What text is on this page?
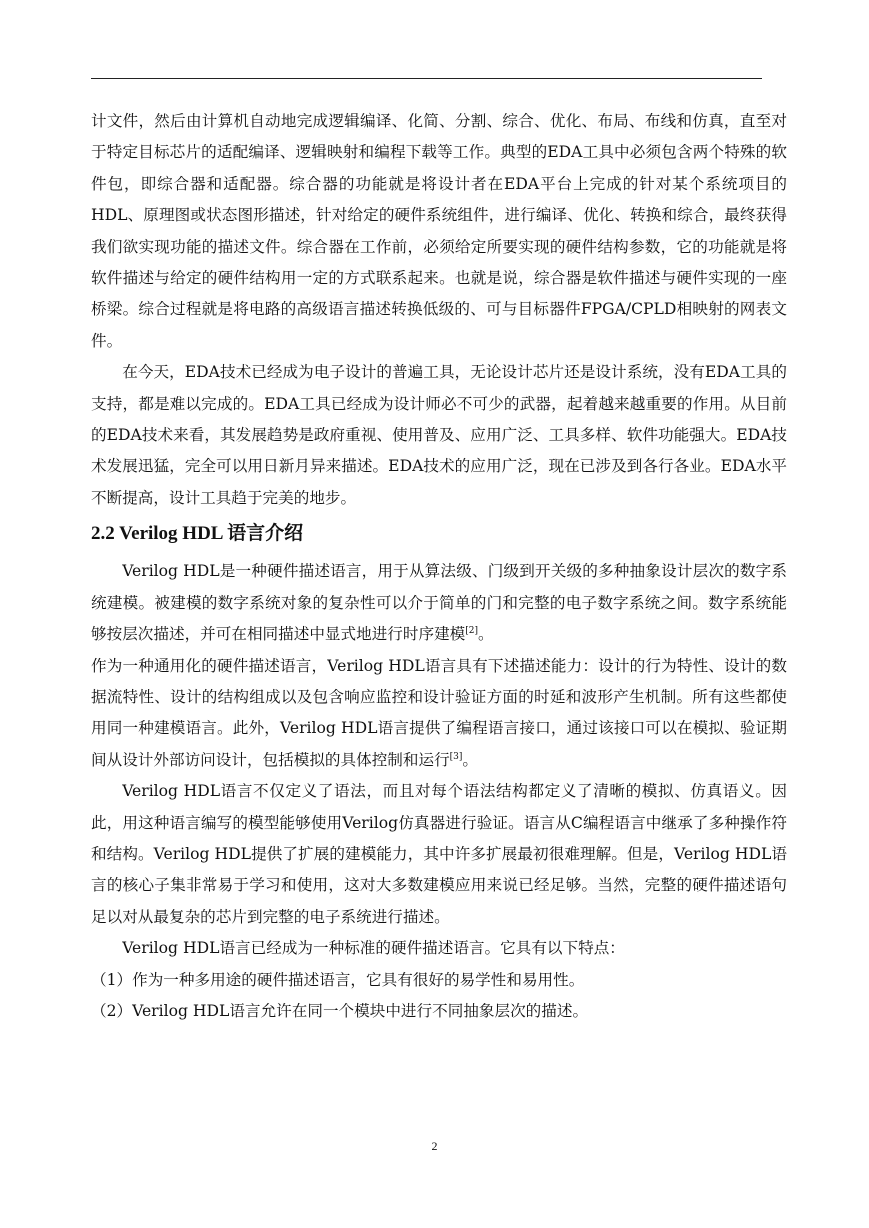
计文件，然后由计算机自动地完成逻辑编译、化简、分割、综合、优化、布局、布线和仿真，直至对于特定目标芯片的适配编译、逻辑映射和编程下载等工作。典型的EDA工具中必须包含两个特殊的软件包，即综合器和适配器。综合器的功能就是将设计者在EDA平台上完成的针对某个系统项目的HDL、原理图或状态图形描述，针对给定的硬件系统组件，进行编译、优化、转换和综合，最终获得我们欲实现功能的描述文件。综合器在工作前，必须给定所要实现的硬件结构参数，它的功能就是将软件描述与给定的硬件结构用一定的方式联系起来。也就是说，综合器是软件描述与硬件实现的一座桥梁。综合过程就是将电路的高级语言描述转换低级的、可与目标器件FPGA/CPLD相映射的网表文件。

在今天，EDA技术已经成为电子设计的普遍工具，无论设计芯片还是设计系统，没有EDA工具的支持，都是难以完成的。EDA工具已经成为设计师必不可少的武器，起着越来越重要的作用。从目前的EDA技术来看，其发展趋势是政府重视、使用普及、应用广泛、工具多样、软件功能强大。EDA技术发展迅猛，完全可以用日新月异来描述。EDA技术的应用广泛，现在已涉及到各行各业。EDA水平不断提高，设计工具趋于完美的地步。

2.2 Verilog HDL 语言介绍

Verilog HDL是一种硬件描述语言，用于从算法级、门级到开关级的多种抽象设计层次的数字系统建模。被建模的数字系统对象的复杂性可以介于简单的门和完整的电子数字系统之间。数字系统能够按层次描述，并可在相同描述中显式地进行时序建模[2]。

作为一种通用化的硬件描述语言，Verilog HDL语言具有下述描述能力：设计的行为特性、设计的数据流特性、设计的结构组成以及包含响应监控和设计验证方面的时延和波形产生机制。所有这些都使用同一种建模语言。此外，Verilog HDL语言提供了编程语言接口，通过该接口可以在模拟、验证期间从设计外部访问设计，包括模拟的具体控制和运行[3]。

Verilog HDL语言不仅定义了语法，而且对每个语法结构都定义了清晰的模拟、仿真语义。因此，用这种语言编写的模型能够使用Verilog仿真器进行验证。语言从C编程语言中继承了多种操作符和结构。Verilog HDL提供了扩展的建模能力，其中许多扩展最初很难理解。但是，Verilog HDL语言的核心子集非常易于学习和使用，这对大多数建模应用来说已经足够。当然，完整的硬件描述语句足以对从最复杂的芯片到完整的电子系统进行描述。

Verilog HDL语言已经成为一种标准的硬件描述语言。它具有以下特点：

（1）作为一种多用途的硬件描述语言，它具有很好的易学性和易用性。

（2）Verilog HDL语言允许在同一个模块中进行不同抽象层次的描述。

2
